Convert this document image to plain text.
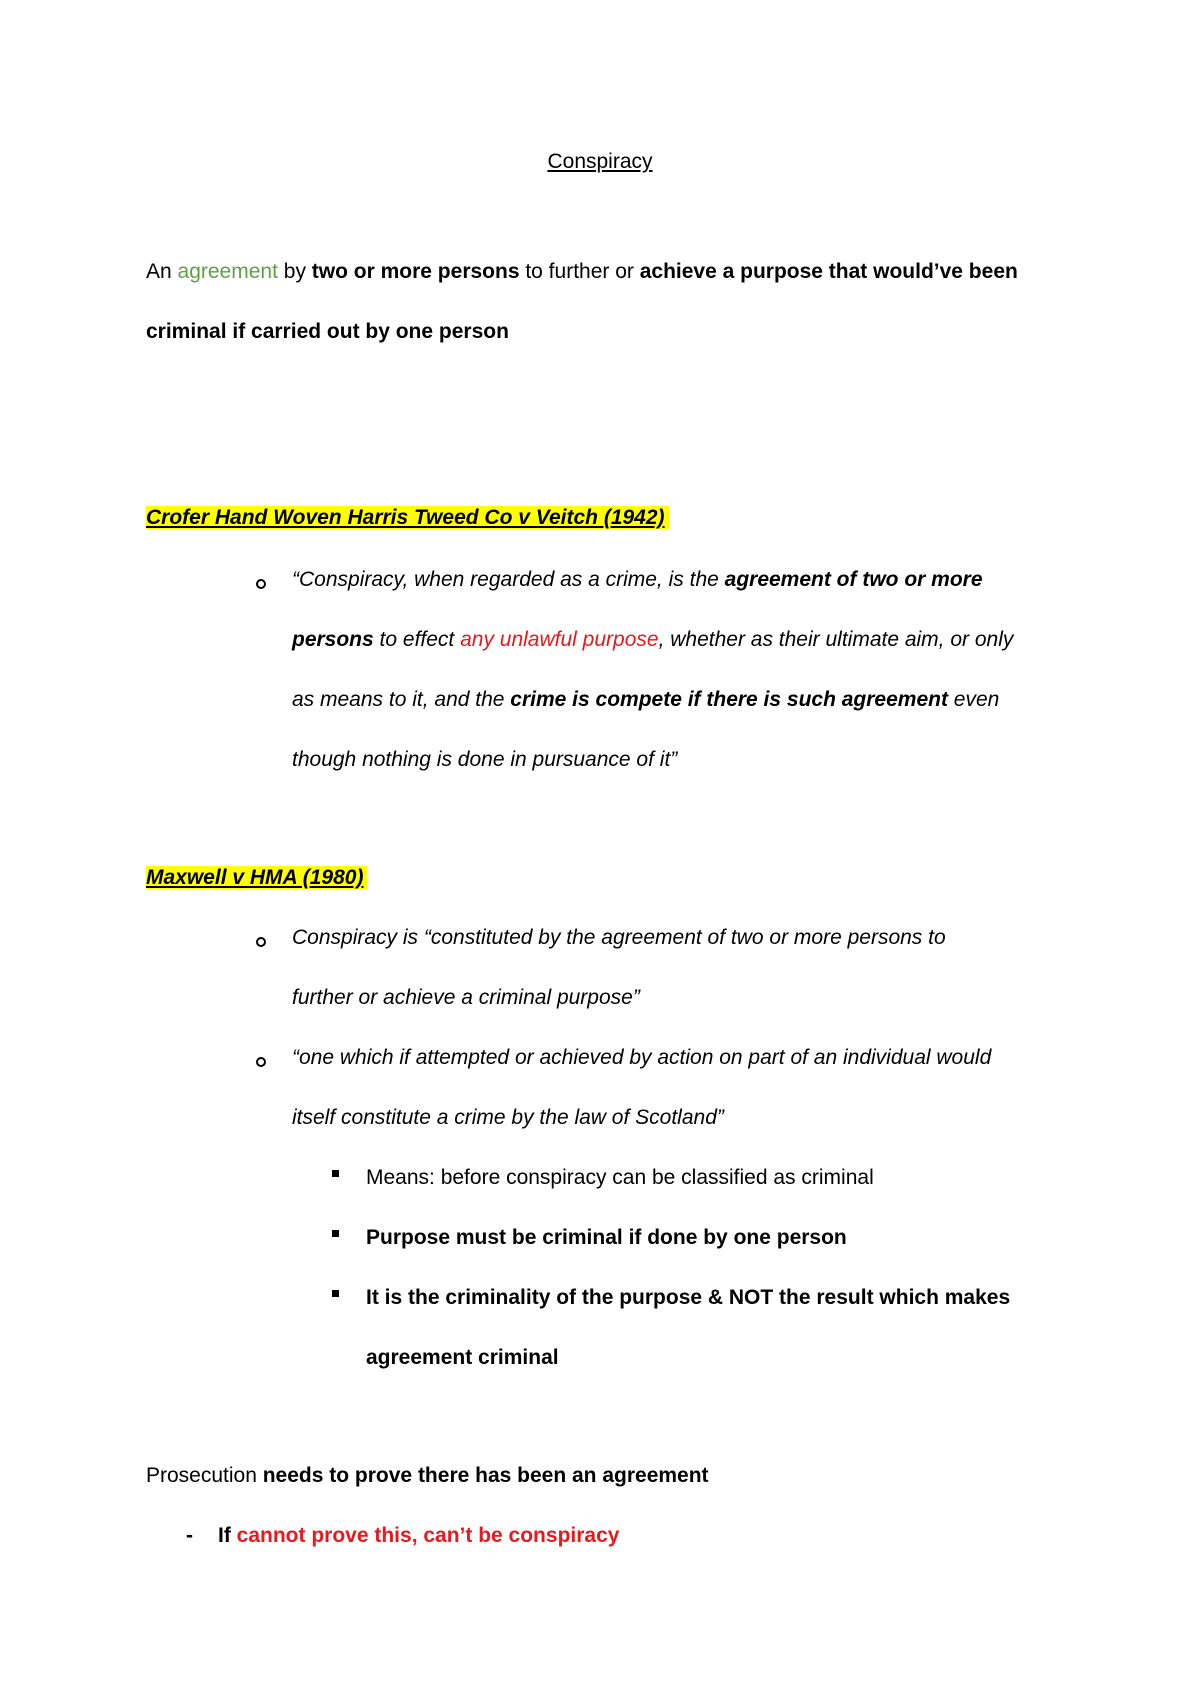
Conspiracy
An agreement by two or more persons to further or achieve a purpose that would’ve been
criminal if carried out by one person
Crofer Hand Woven Harris Tweed Co v Veitch (1942)
“Conspiracy, when regarded as a crime, is the agreement of two or more
persons to effect any unlawful purpose, whether as their ultimate aim, or only
as means to it, and the crime is compete if there is such agreement even
though nothing is done in pursuance of it”
Maxwell v HMA (1980)
Conspiracy is “constituted by the agreement of two or more persons to
further or achieve a criminal purpose”
“one which if attempted or achieved by action on part of an individual would
itself constitute a crime by the law of Scotland”
Means: before conspiracy can be classified as criminal
Purpose must be criminal if done by one person
It is the criminality of the purpose & NOT the result which makes
agreement criminal
Prosecution needs to prove there has been an agreement
- If cannot prove this, can’t be conspiracy
